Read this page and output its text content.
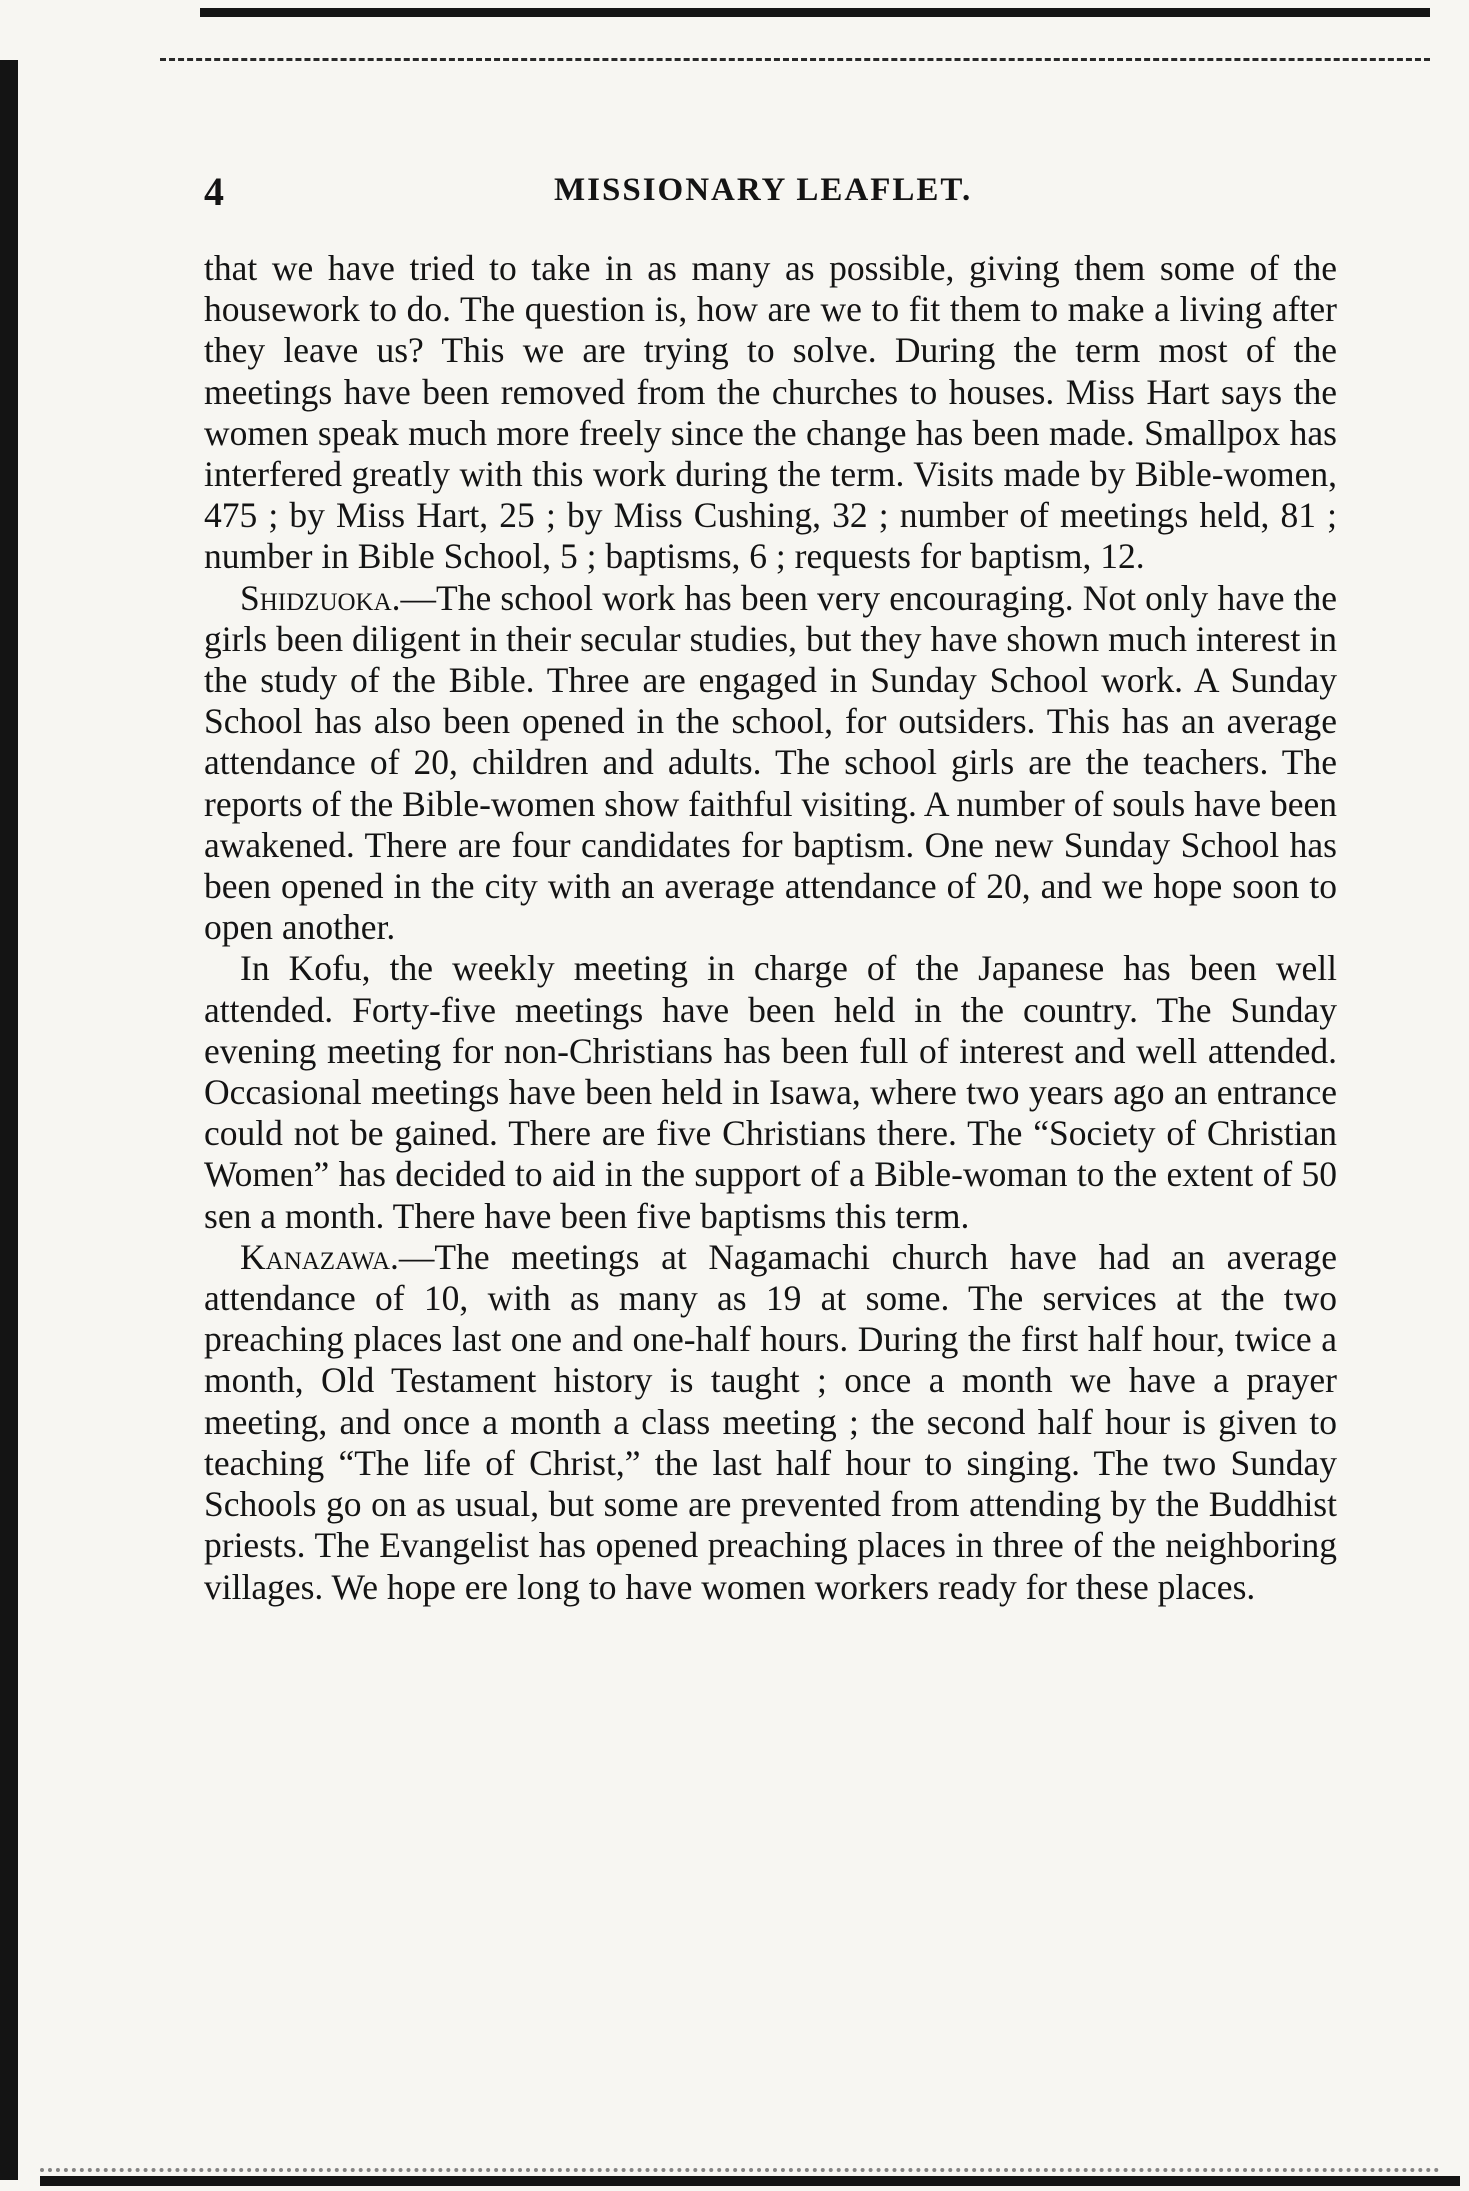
4	MISSIONARY LEAFLET.

that we have tried to take in as many as possible, giving them some of the housework to do. The question is, how are we to fit them to make a living after they leave us? This we are trying to solve. During the term most of the meetings have been removed from the churches to houses. Miss Hart says the women speak much more freely since the change has been made. Smallpox has interfered greatly with this work during the term. Visits made by Bible-women, 475 ; by Miss Hart, 25 ; by Miss Cushing, 32 ; number of meetings held, 81 ; number in Bible School, 5 ; baptisms, 6 ; requests for baptism, 12.

Shidzuoka.—The school work has been very encouraging. Not only have the girls been diligent in their secular studies, but they have shown much interest in the study of the Bible. Three are engaged in Sunday School work. A Sunday School has also been opened in the school, for outsiders. This has an average attendance of 20, children and adults. The school girls are the teachers. The reports of the Bible-women show faithful visiting. A number of souls have been awakened. There are four candidates for baptism. One new Sunday School has been opened in the city with an average attendance of 20, and we hope soon to open another.

In Kofu, the weekly meeting in charge of the Japanese has been well attended. Forty-five meetings have been held in the country. The Sunday evening meeting for non-Christians has been full of interest and well attended. Occasional meetings have been held in Isawa, where two years ago an entrance could not be gained. There are five Christians there. The “Society of Christian Women” has decided to aid in the support of a Bible-woman to the extent of 50 sen a month. There have been five baptisms this term.

Kanazawa.—The meetings at Nagamachi church have had an average attendance of 10, with as many as 19 at some. The services at the two preaching places last one and one-half hours. During the first half hour, twice a month, Old Testament history is taught ; once a month we have a prayer meeting, and once a month a class meeting ; the second half hour is given to teaching “The life of Christ,” the last half hour to singing. The two Sunday Schools go on as usual, but some are prevented from attending by the Buddhist priests. The Evangelist has opened preaching places in three of the neighboring villages. We hope ere long to have women workers ready for these places.
